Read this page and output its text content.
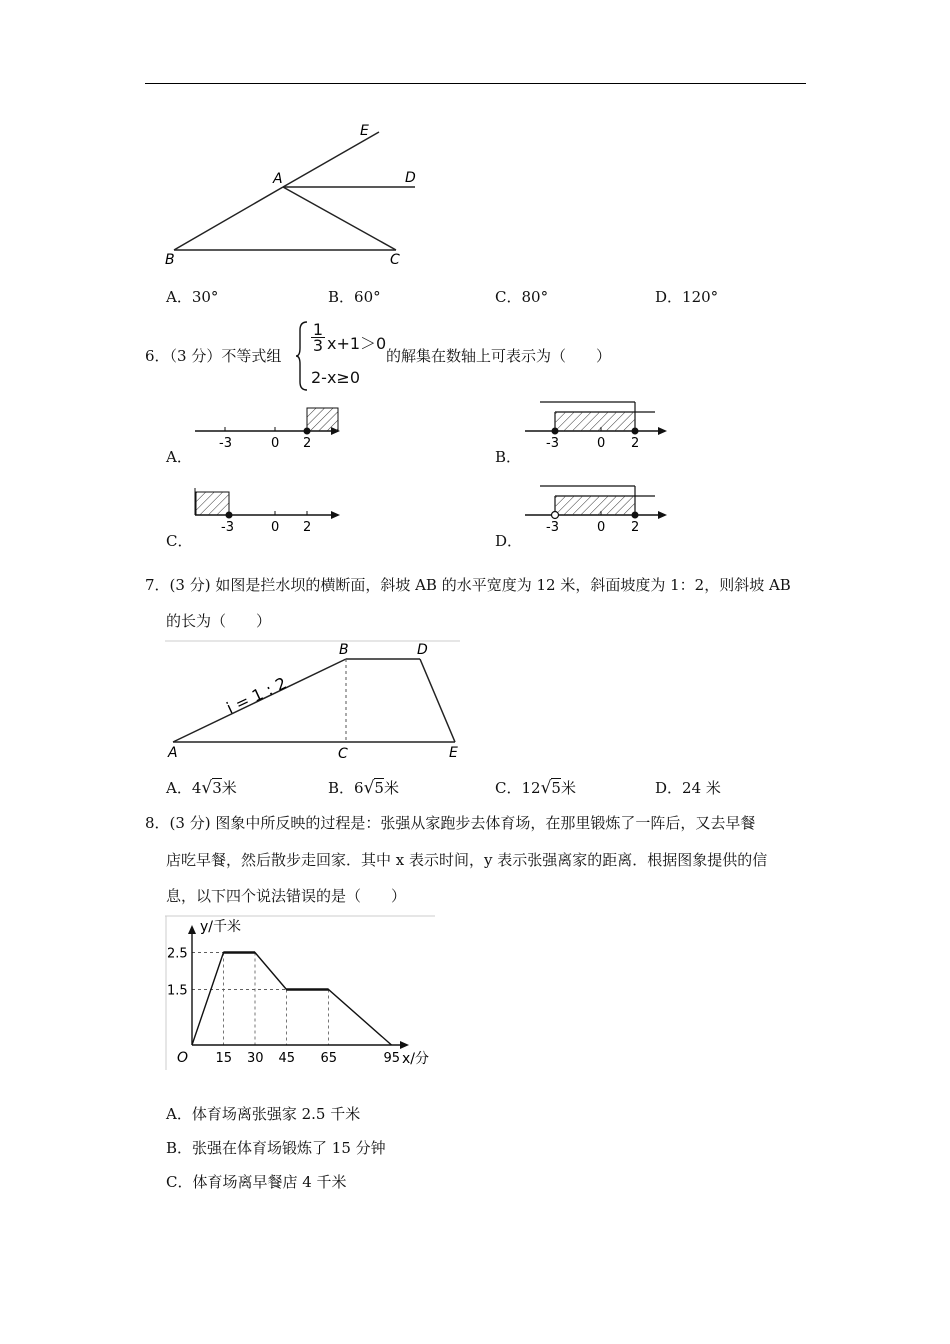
E
A	D
B	C
A．30°	B．60°	C．80°	D．120°
6．（3 分）不等式组
$\frac{1}{3} x+1>0$
2-x≥0
的解集在数轴上可表示为（　　）
-3	0 2
A．
-3	0 2
B．
-3	0 2
C．
-3	0 2
D．
7．(3 分) 如图是拦水坝的横断面，斜坡 AB 的水平宽度为 12 米，斜面坡度为 1：2，则斜坡 AB
的长为（　　）
i = 1 : 2
A
B
C
D
E
A．4√3米	B．6√5米	C．12√5米	D．24 米
8．(3 分) 图象中所反映的过程是：张强从家跑步去体育场，在那里锻炼了一阵后，又去早餐
店吃早餐，然后散步走回家．其中 x 表示时间，y 表示张强离家的距离．根据图象提供的信
息，以下四个说法错误的是（　　）
15 30 45 65	95
2.5
1.5
O	x/分
y/千米
A．体育场离张强家 2.5 千米
B．张强在体育场锻炼了 15 分钟
C．体育场离早餐店 4 千米
